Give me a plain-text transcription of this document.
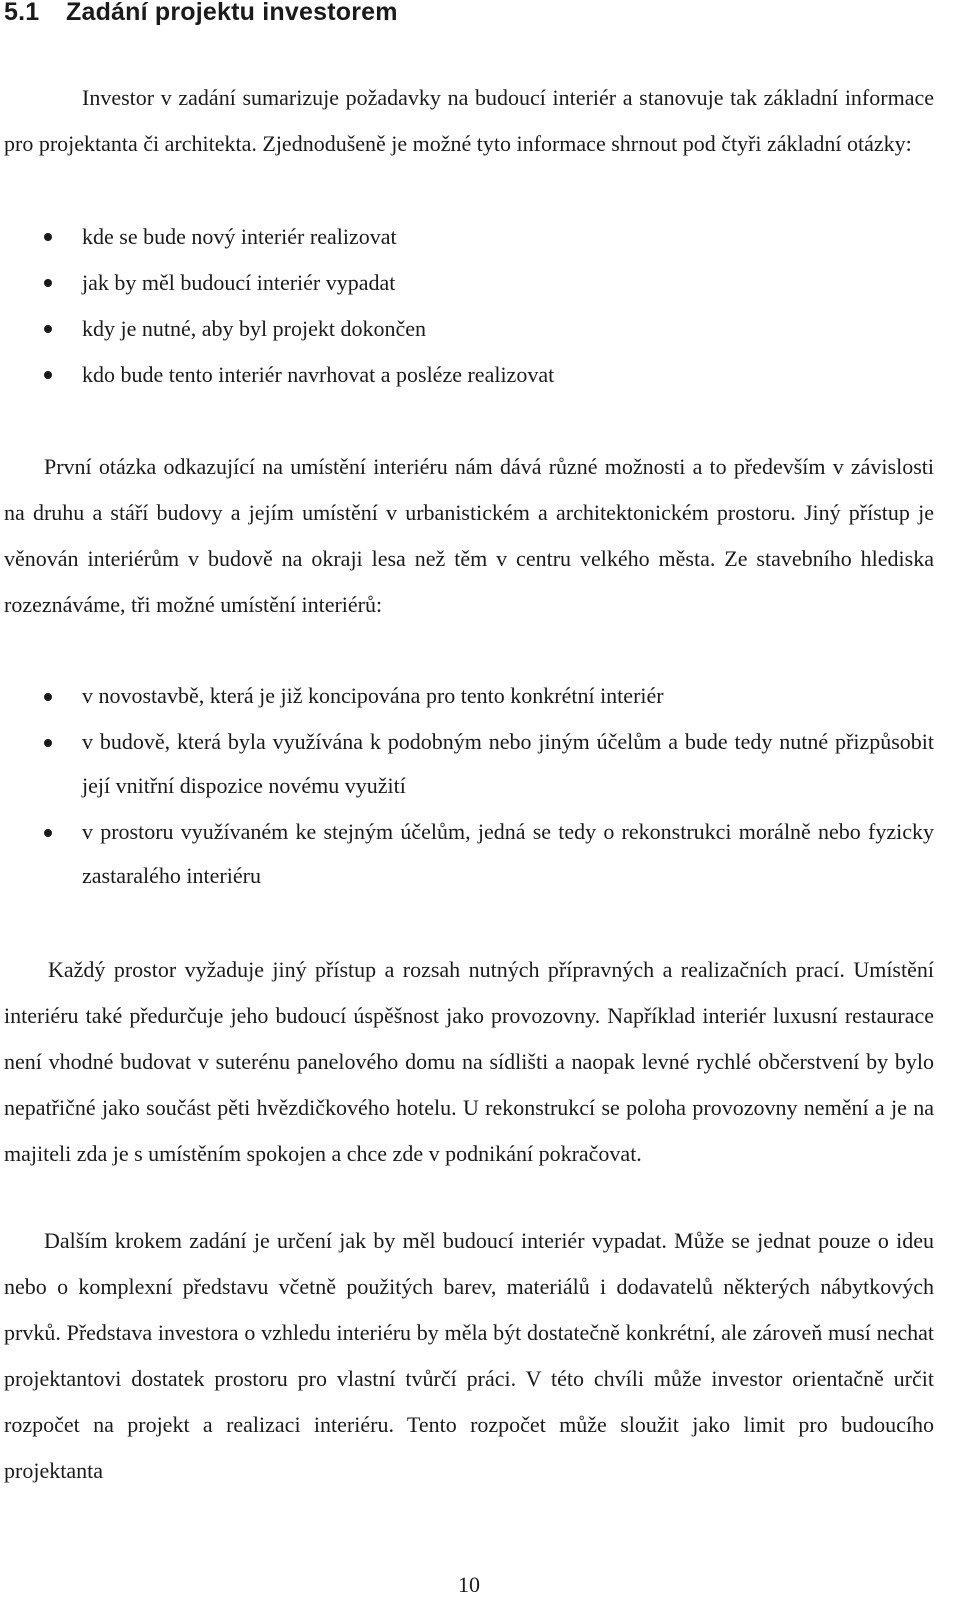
5.1 Zadání projektu investorem

Investor v zadání sumarizuje požadavky na budoucí interiér a stanovuje tak základní informace pro projektanta či architekta. Zjednodušeně je možné tyto informace shrnout pod čtyři základní otázky:

kde se bude nový interiér realizovat
jak by měl budoucí interiér vypadat
kdy je nutné, aby byl projekt dokončen
kdo bude tento interiér navrhovat a posléze realizovat

První otázka odkazující na umístění interiéru nám dává různé možnosti a to především v závislosti na druhu a stáří budovy a jejím umístění v urbanistickém a architektonickém prostoru. Jiný přístup je věnován interiérům v budově na okraji lesa než těm v centru velkého města. Ze stavebního hlediska rozeznáváme, tři možné umístění interiérů:

v novostavbě, která je již koncipována pro tento konkrétní interiér
v budově, která byla využívána k podobným nebo jiným účelům a bude tedy nutné přizpůsobit její vnitřní dispozice novému využití
v prostoru využívaném ke stejným účelům, jedná se tedy o rekonstrukci morálně nebo fyzicky zastaralého interiéru

Každý prostor vyžaduje jiný přístup a rozsah nutných přípravných a realizačních prací. Umístění interiéru také předurčuje jeho budoucí úspěšnost jako provozovny. Například interiér luxusní restaurace není vhodné budovat v suterénu panelového domu na sídlišti a naopak levné rychlé občerstvení by bylo nepatřičné jako součást pěti hvězdičkového hotelu. U rekonstrukcí se poloha provozovny nemění a je na majiteli zda je s umístěním spokojen a chce zde v podnikání pokračovat.

Dalším krokem zadání je určení jak by měl budoucí interiér vypadat. Může se jednat pouze o ideu nebo o komplexní představu včetně použitých barev, materiálů i dodavatelů některých nábytkových prvků. Představa investora o vzhledu interiéru by měla být dostatečně konkrétní, ale zároveň musí nechat projektantovi dostatek prostoru pro vlastní tvůrčí práci. V této chvíli může investor orientačně určit rozpočet na projekt a realizaci interiéru. Tento rozpočet může sloužit jako limit pro budoucího projektanta

10
